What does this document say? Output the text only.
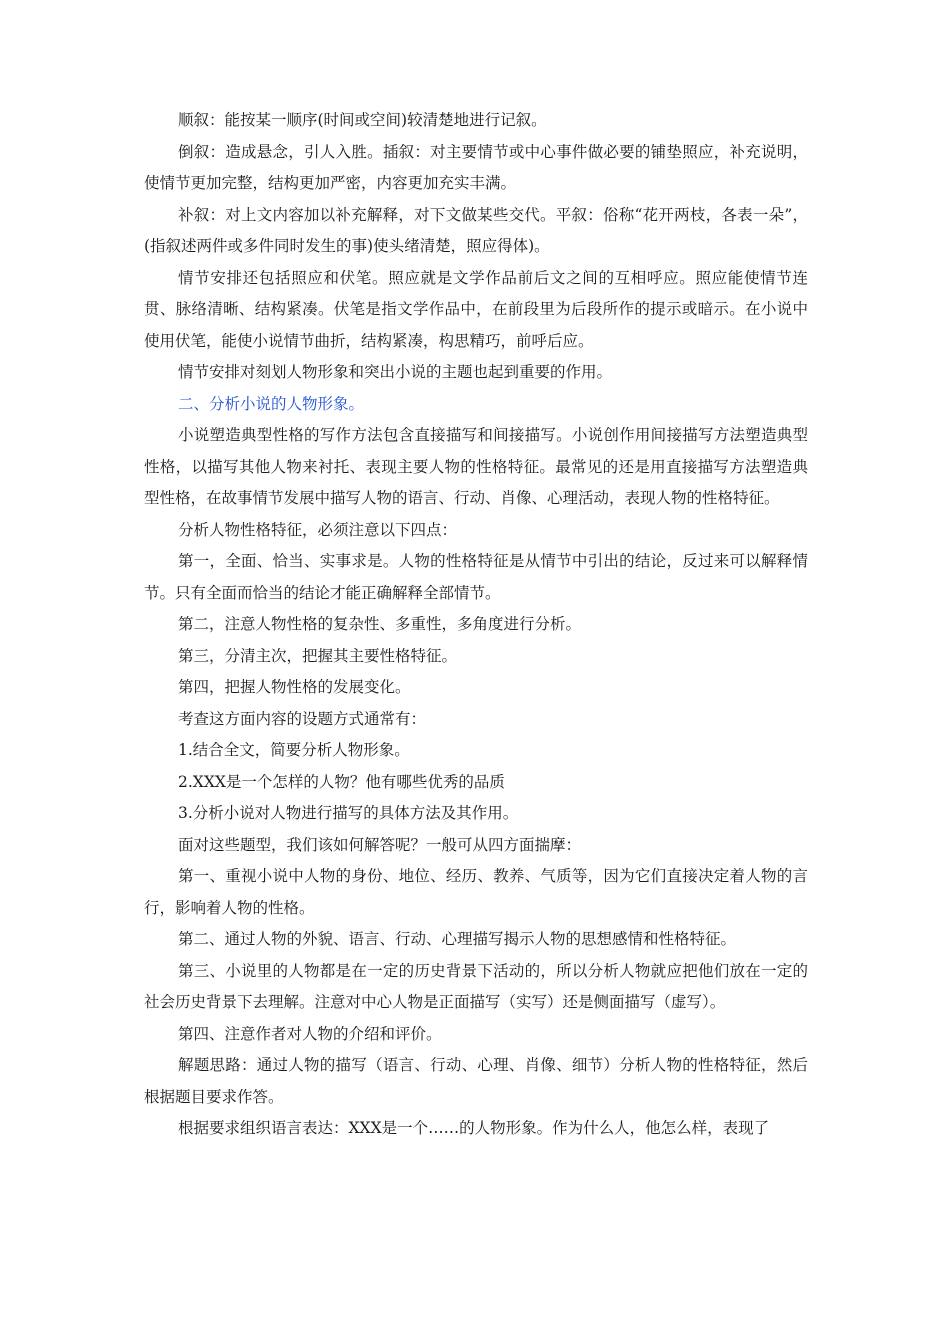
顺叙：能按某一顺序(时间或空间)较清楚地进行记叙。

倒叙：造成悬念，引人入胜。插叙：对主要情节或中心事件做必要的铺垫照应，补充说明，使情节更加完整，结构更加严密，内容更加充实丰满。

补叙：对上文内容加以补充解释，对下文做某些交代。平叙：俗称“花开两枝，各表一朵”，(指叙述两件或多件同时发生的事)使头绪清楚，照应得体)。

情节安排还包括照应和伏笔。照应就是文学作品前后文之间的互相呼应。照应能使情节连贯、脉络清晰、结构紧凑。伏笔是指文学作品中，在前段里为后段所作的提示或暗示。在小说中使用伏笔，能使小说情节曲折，结构紧凑，构思精巧，前呼后应。

情节安排对刻划人物形象和突出小说的主题也起到重要的作用。

二、分析小说的人物形象。

小说塑造典型性格的写作方法包含直接描写和间接描写。小说创作用间接描写方法塑造典型性格，以描写其他人物来衬托、表现主要人物的性格特征。最常见的还是用直接描写方法塑造典型性格，在故事情节发展中描写人物的语言、行动、肖像、心理活动，表现人物的性格特征。

分析人物性格特征，必须注意以下四点：

第一，全面、恰当、实事求是。人物的性格特征是从情节中引出的结论，反过来可以解释情节。只有全面而恰当的结论才能正确解释全部情节。

第二，注意人物性格的复杂性、多重性，多角度进行分析。

第三，分清主次，把握其主要性格特征。

第四，把握人物性格的发展变化。

考查这方面内容的设题方式通常有：

1.结合全文，简要分析人物形象。

2.XXX是一个怎样的人物？他有哪些优秀的品质

3.分析小说对人物进行描写的具体方法及其作用。

面对这些题型，我们该如何解答呢？一般可从四方面揣摩：

第一、重视小说中人物的身份、地位、经历、教养、气质等，因为它们直接决定着人物的言行，影响着人物的性格。

第二、通过人物的外貌、语言、行动、心理描写揭示人物的思想感情和性格特征。

第三、小说里的人物都是在一定的历史背景下活动的，所以分析人物就应把他们放在一定的社会历史背景下去理解。注意对中心人物是正面描写（实写）还是侧面描写（虚写）。

第四、注意作者对人物的介绍和评价。

解题思路：通过人物的描写（语言、行动、心理、肖像、细节）分析人物的性格特征，然后根据题目要求作答。

根据要求组织语言表达：XXX是一个……的人物形象。作为什么人，他怎么样，表现了
